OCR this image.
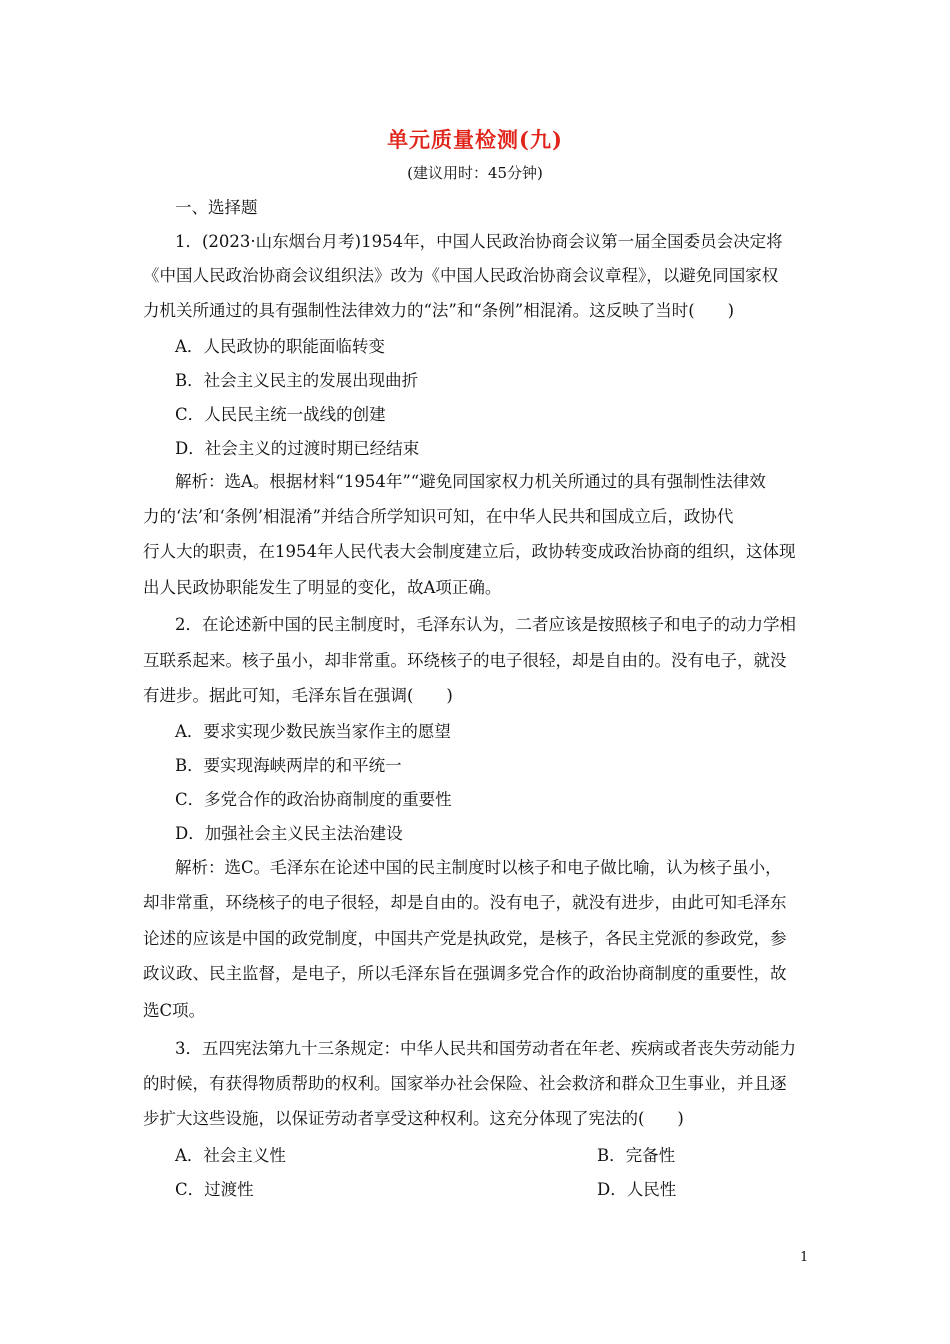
单元质量检测(九)
(建议用时：45分钟)
一、选择题
1．(2023·山东烟台月考)1954年，中国人民政治协商会议第一届全国委员会决定将
《中国人民政治协商会议组织法》改为《中国人民政治协商会议章程》，以避免同国家权
力机关所通过的具有强制性法律效力的“法”和“条例”相混淆。这反映了当时(　　)
A．人民政协的职能面临转变
B．社会主义民主的发展出现曲折
C．人民民主统一战线的创建
D．社会主义的过渡时期已经结束
解析：选A。根据材料“1954年”“避免同国家权力机关所通过的具有强制性法律效
力的‘法’和‘条例’相混淆”并结合所学知识可知，在中华人民共和国成立后，政协代
行人大的职责，在1954年人民代表大会制度建立后，政协转变成政治协商的组织，这体现
出人民政协职能发生了明显的变化，故A项正确。
2．在论述新中国的民主制度时，毛泽东认为，二者应该是按照核子和电子的动力学相
互联系起来。核子虽小，却非常重。环绕核子的电子很轻，却是自由的。没有电子，就没
有进步。据此可知，毛泽东旨在强调(　　)
A．要求实现少数民族当家作主的愿望
B．要实现海峡两岸的和平统一
C．多党合作的政治协商制度的重要性
D．加强社会主义民主法治建设
解析：选C。毛泽东在论述中国的民主制度时以核子和电子做比喻，认为核子虽小，
却非常重，环绕核子的电子很轻，却是自由的。没有电子，就没有进步，由此可知毛泽东
论述的应该是中国的政党制度，中国共产党是执政党，是核子，各民主党派的参政党，参
政议政、民主监督，是电子，所以毛泽东旨在强调多党合作的政治协商制度的重要性，故
选C项。
3．五四宪法第九十三条规定：中华人民共和国劳动者在年老、疾病或者丧失劳动能力
的时候，有获得物质帮助的权利。国家举办社会保险、社会救济和群众卫生事业，并且逐
步扩大这些设施，以保证劳动者享受这种权利。这充分体现了宪法的(　　)
A．社会主义性	B．完备性
C．过渡性	D．人民性
1
